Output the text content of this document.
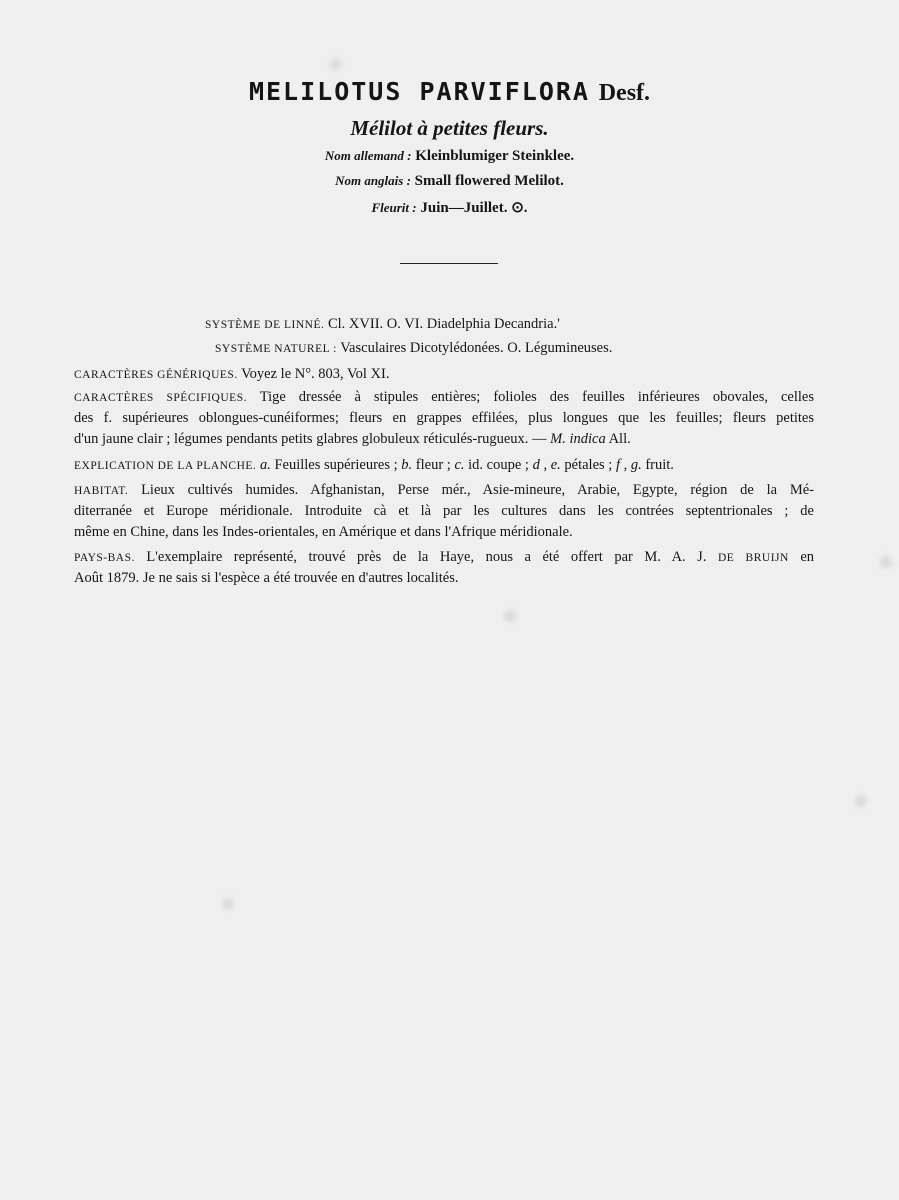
MELILOTUS PARVIFLORA Desf.
Mélilot à petites fleurs.
Nom allemand : Kleinblumiger Steinklee.
Nom anglais : Small flowered Melilot.
Fleurit : Juin—Juillet. ⊙.
SYSTÈME DE LINNÉ. Cl. XVII. O. VI. Diadelphia Decandria.'
SYSTÈME NATUREL : Vasculaires Dicotylédonées. O. Légumineuses.
CARACTÈRES GÉNÉRIQUES. Voyez le N°. 803, Vol XI.
CARACTÈRES SPÉCIFIQUES. Tige dressée à stipules entières; folioles des feuilles inférieures obovales, celles
des f. supérieures oblongues-cunéiformes; fleurs en grappes effilées, plus longues que les feuilles; fleurs petites
d'un jaune clair ; légumes pendants petits glabres globuleux réticulés-rugueux. — M. indica All.
EXPLICATION DE LA PLANCHE. a. Feuilles supérieures ; b. fleur ; c. id. coupe ; d , e. pétales ; f , g. fruit.
HABITAT. Lieux cultivés humides. Afghanistan, Perse mér., Asie-mineure, Arabie, Egypte, région de la Mé-
diterranée et Europe méridionale. Introduite cà et là par les cultures dans les contrées septentrionales ; de
même en Chine, dans les Indes-orientales, en Amérique et dans l'Afrique méridionale.
PAYS-BAS. L'exemplaire représenté, trouvé près de la Haye, nous a été offert par M. A. J. DE BRUIJN en
Août 1879. Je ne sais si l'espèce a été trouvée en d'autres localités.
